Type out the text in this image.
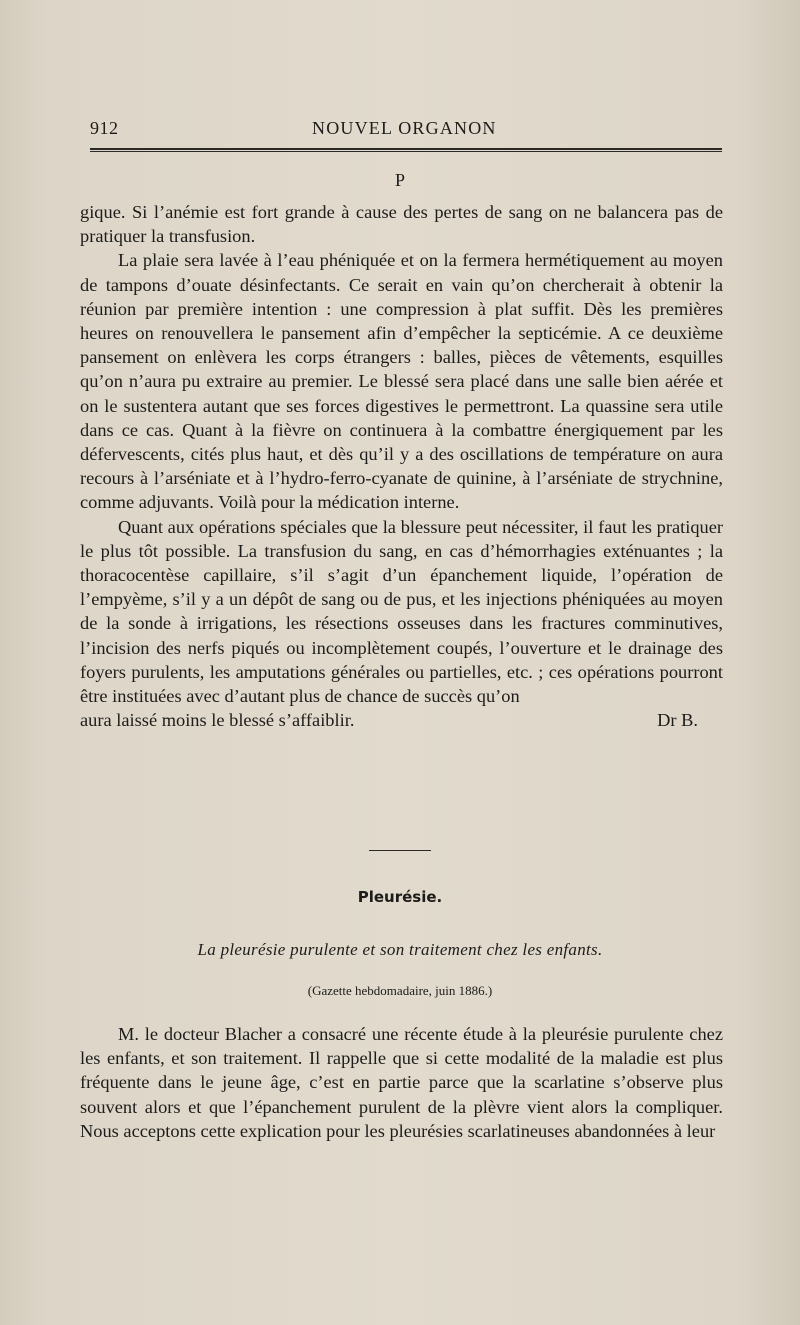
912	NOUVEL ORGANON
P

gique. Si l’anémie est fort grande à cause des pertes de sang on ne balancera pas de pratiquer la transfusion.

La plaie sera lavée à l’eau phéniquée et on la fermera hermétiquement au moyen de tampons d’ouate désinfectants. Ce serait en vain qu’on chercherait à obtenir la réunion par première intention : une compression à plat suffit. Dès les premières heures on renouvellera le pansement afin d’empêcher la septicémie. A ce deuxième pansement on enlèvera les corps étrangers : balles, pièces de vêtements, esquilles qu’on n’aura pu extraire au premier. Le blessé sera placé dans une salle bien aérée et on le sustentera autant que ses forces digestives le permettront. La quassine sera utile dans ce cas. Quant à la fièvre on continuera à la combattre énergiquement par les défervescents, cités plus haut, et dès qu’il y a des oscillations de température on aura recours à l’arséniate et à l’hydro-ferro-cyanate de quinine, à l’arséniate de strychnine, comme adjuvants. Voilà pour la médication interne.

Quant aux opérations spéciales que la blessure peut nécessiter, il faut les pratiquer le plus tôt possible. La transfusion du sang, en cas d’hémorrhagies exténuantes ; la thoracocentèse capillaire, s’il s’agit d’un épanchement liquide, l’opération de l’empyème, s’il y a un dépôt de sang ou de pus, et les injections phéniquées au moyen de la sonde à irrigations, les résections osseuses dans les fractures comminutives, l’incision des nerfs piqués ou incomplètement coupés, l’ouverture et le drainage des foyers purulents, les amputations générales ou partielles, etc. ; ces opérations pourront être instituées avec d’autant plus de chance de succès qu’on

aura laissé moins le blessé s’affaiblir.	Dr B.
Pleurésie.
La pleurésie purulente et son traitement chez les enfants.
(Gazette hebdomadaire, juin 1886.)

M. le docteur Blacher a consacré une récente étude à la pleurésie purulente chez les enfants, et son traitement. Il rappelle que si cette modalité de la maladie est plus fréquente dans le jeune âge, c’est en partie parce que la scarlatine s’observe plus souvent alors et que l’épanchement purulent de la plèvre vient alors la compliquer. Nous acceptons cette explication pour les pleurésies scarlatineuses abandonnées à leur
